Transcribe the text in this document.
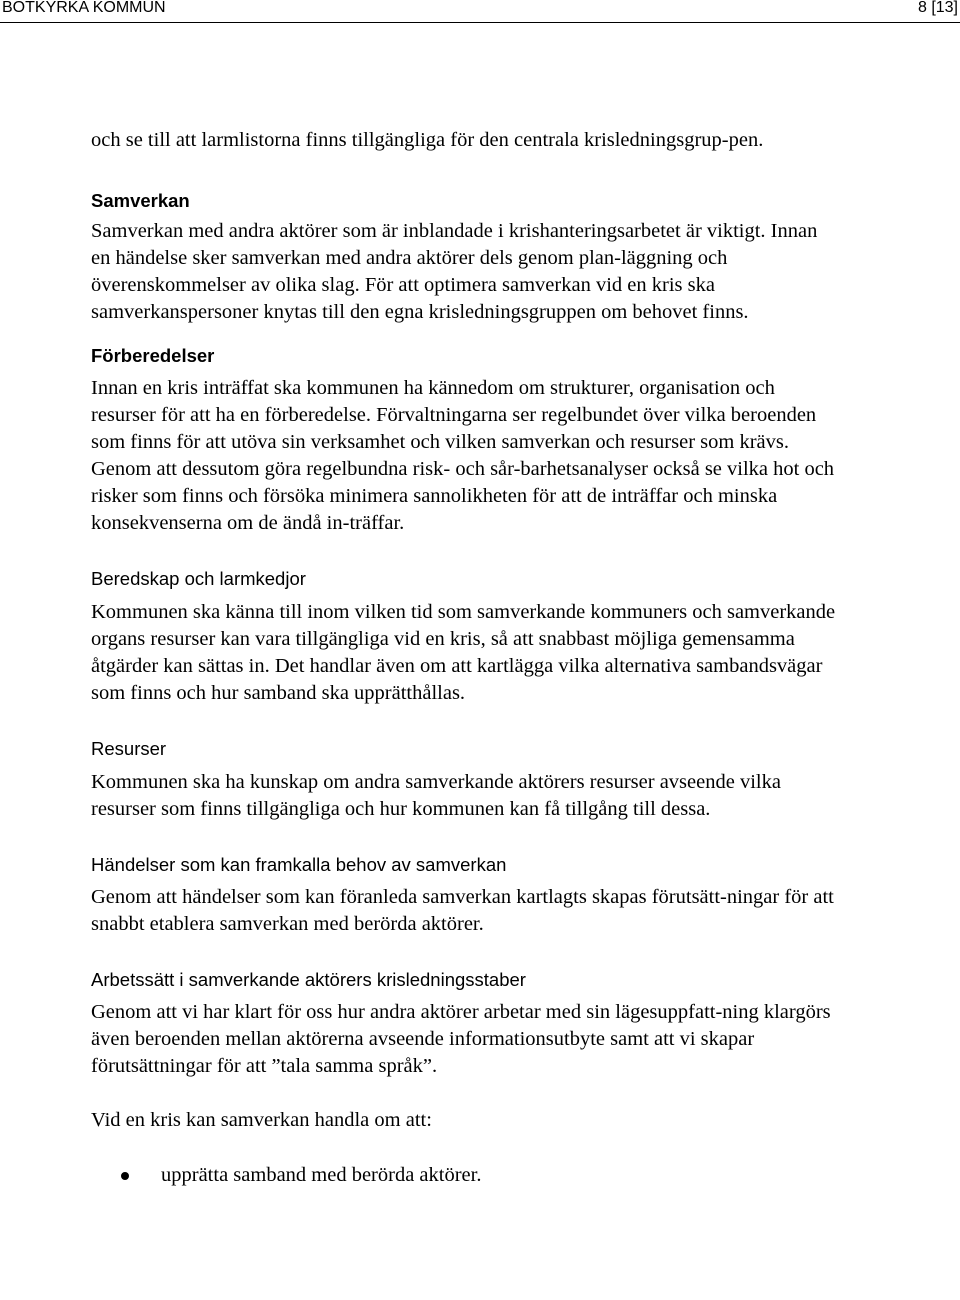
BOTKYRKA KOMMUN	8 [13]

och se till att larmlistorna finns tillgängliga för den centrala krisledningsgrup-pen.

Samverkan

Samverkan med andra aktörer som är inblandade i krishanteringsarbetet är viktigt. Innan en händelse sker samverkan med andra aktörer dels genom plan-läggning och överenskommelser av olika slag. För att optimera samverkan vid en kris ska samverkanspersoner knytas till den egna krisledningsgruppen om behovet finns.

Förberedelser

Innan en kris inträffat ska kommunen ha kännedom om strukturer, organisation och resurser för att ha en förberedelse. Förvaltningarna ser regelbundet över vilka beroenden som finns för att utöva sin verksamhet och vilken samverkan och resurser som krävs. Genom att dessutom göra regelbundna risk- och sår-barhetsanalyser också se vilka hot och risker som finns och försöka minimera sannolikheten för att de inträffar och minska konsekvenserna om de ändå in-träffar.

Beredskap och larmkedjor

Kommunen ska känna till inom vilken tid som samverkande kommuners och samverkande organs resurser kan vara tillgängliga vid en kris, så att snabbast möjliga gemensamma åtgärder kan sättas in. Det handlar även om att kartlägga vilka alternativa sambandsvägar som finns och hur samband ska upprätthållas.

Resurser

Kommunen ska ha kunskap om andra samverkande aktörers resurser avseende vilka resurser som finns tillgängliga och hur kommunen kan få tillgång till dessa.

Händelser som kan framkalla behov av samverkan

Genom att händelser som kan föranleda samverkan kartlagts skapas förutsätt-ningar för att snabbt etablera samverkan med berörda aktörer.

Arbetssätt i samverkande aktörers krisledningsstaber

Genom att vi har klart för oss hur andra aktörer arbetar med sin lägesuppfatt-ning klargörs även beroenden mellan aktörerna avseende informationsutbyte samt att vi skapar förutsättningar för att ”tala samma språk”.

Vid en kris kan samverkan handla om att:

upprätta samband med berörda aktörer.
